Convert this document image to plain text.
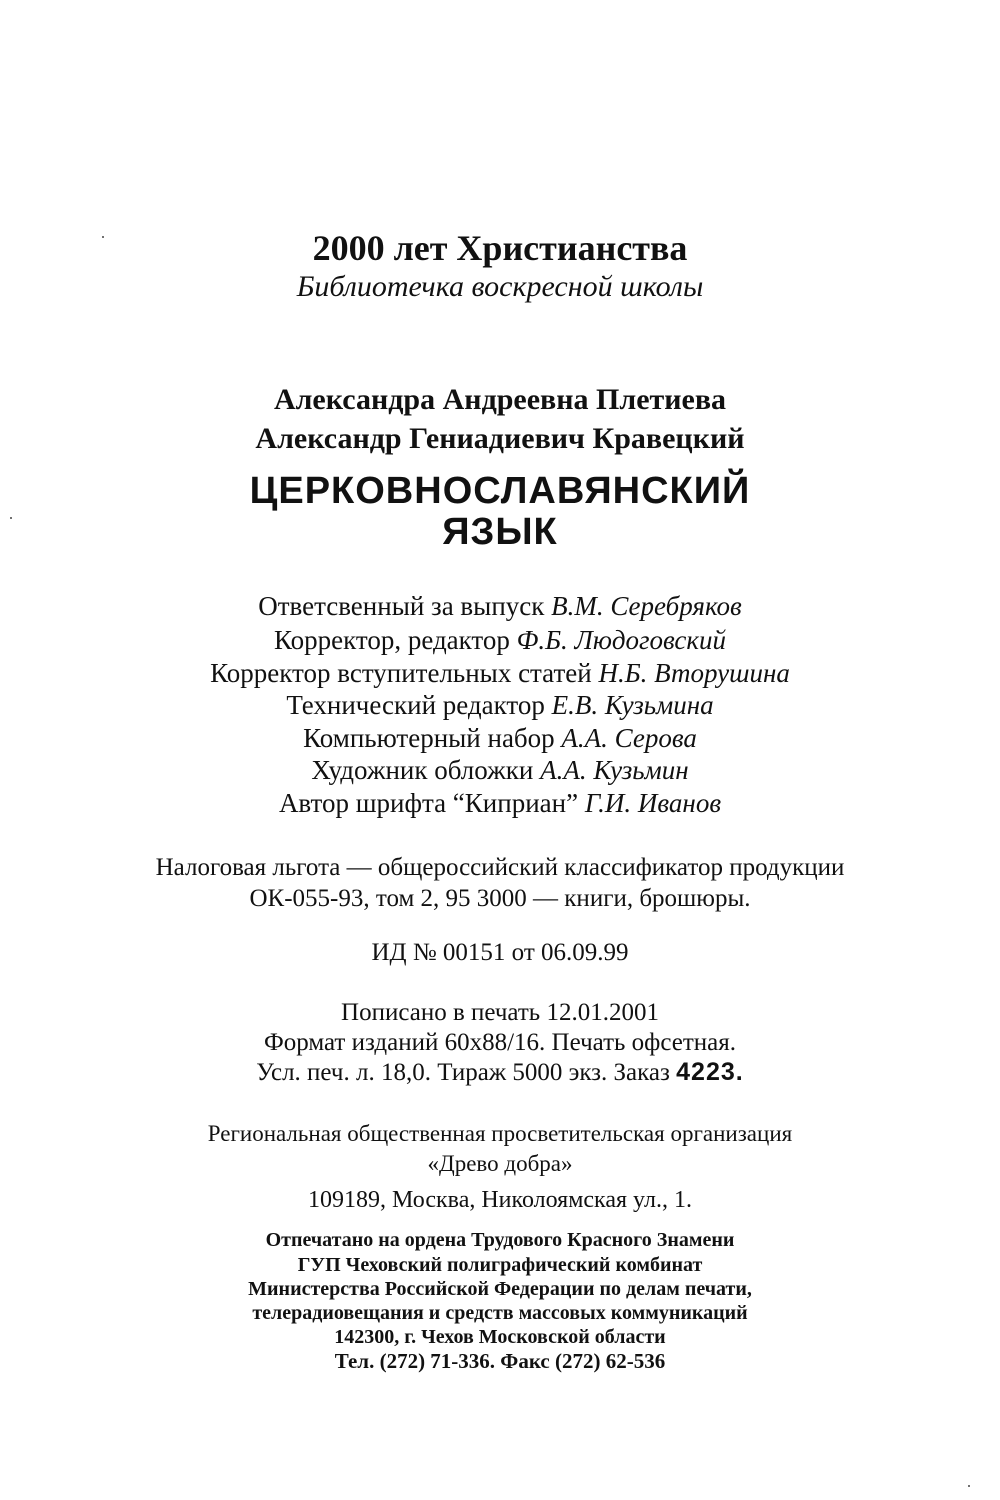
2000 лет Христианства
Библиотечка воскресной школы
Александра Андреевна Плетиева
Александр Гениадиевич Кравецкий
ЦЕРКОВНОСЛАВЯНСКИЙ
ЯЗЫК
Ответсвенный за выпуск В.М. Серебряков
Корректор, редактор Ф.Б. Людоговский
Корректор вступительных статей Н.Б. Вторушина
Технический редактор Е.В. Кузьмина
Компьютерный набор А.А. Серова
Художник обложки А.А. Кузьмин
Автор шрифта “Киприан” Г.И. Иванов
Налоговая льгота — общероссийский классификатор продукции
ОК-055-93, том 2, 95 3000 — книги, брошюры.
ИД № 00151 от 06.09.99
Пописано в печать 12.01.2001
Формат изданий 60x88/16. Печать офсетная.
Усл. печ. л. 18,0. Тираж 5000 экз. Заказ 4223.
Региональная общественная просветительская организация
«Древо добра»
109189, Москва, Николоямская ул., 1.
Отпечатано на ордена Трудового Красного Знамени
ГУП Чеховский полиграфический комбинат
Министерства Российской Федерации по делам печати,
телерадиовещания и средств массовых коммуникаций
142300, г. Чехов Московской области
Тел. (272) 71-336. Факс (272) 62-536
